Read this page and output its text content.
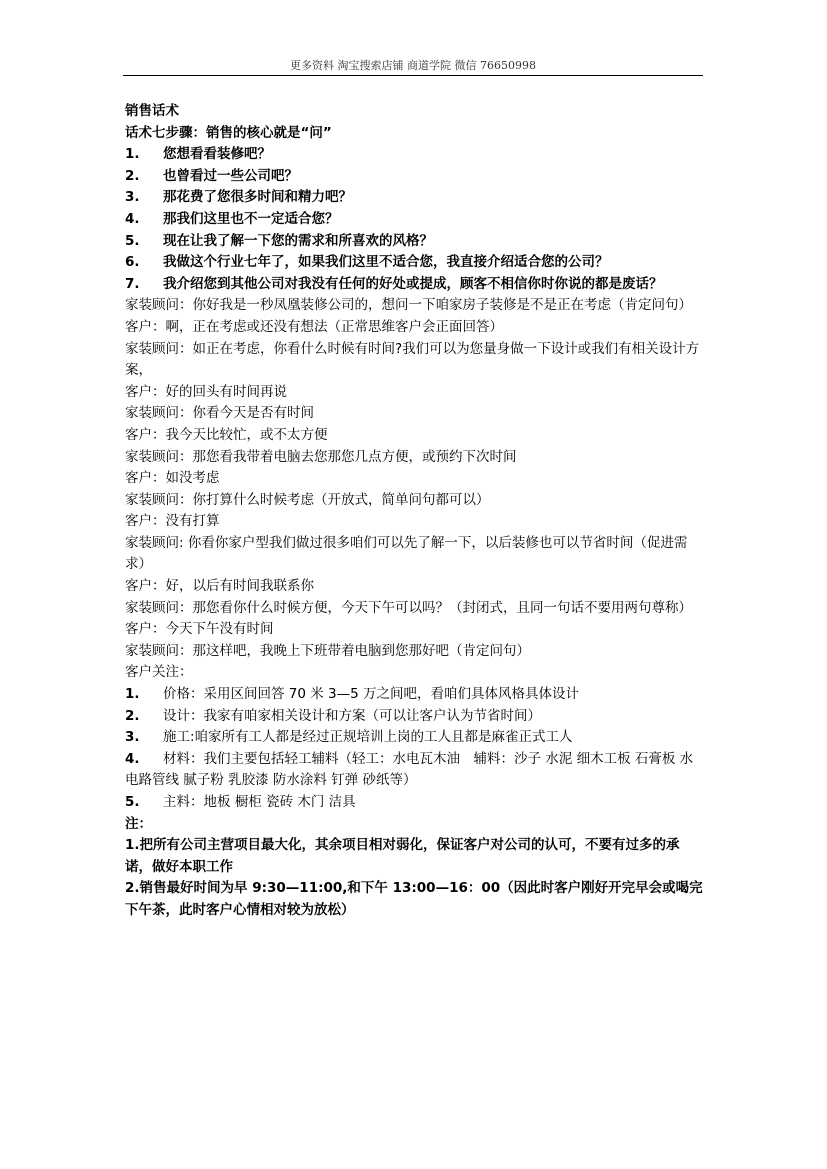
更多资料 淘宝搜索店铺 商道学院 微信 76650998

销售话术

话术七步骤：销售的核心就是“问”

1. 您想看看装修吧？

2. 也曾看过一些公司吧？

3. 那花费了您很多时间和精力吧？

4. 那我们这里也不一定适合您？

5. 现在让我了解一下您的需求和所喜欢的风格？

6. 我做这个行业七年了，如果我们这里不适合您，我直接介绍适合您的公司？

7. 我介绍您到其他公司对我没有任何的好处或提成，顾客不相信你时你说的都是废话？

家装顾问：你好我是一秒凤凰装修公司的，想问一下咱家房子装修是不是正在考虑（肯定问句）

客户：啊，正在考虑或还没有想法（正常思维客户会正面回答）

家装顾问：如正在考虑，你看什么时候有时间?我们可以为您量身做一下设计或我们有相关设计方案，

客户：好的回头有时间再说

家装顾问：你看今天是否有时间

客户：我今天比较忙，或不太方便

家装顾问：那您看我带着电脑去您那您几点方便，或预约下次时间

客户：如没考虑

家装顾问：你打算什么时候考虑（开放式，简单问句都可以）

客户：没有打算

家装顾问: 你看你家户型我们做过很多咱们可以先了解一下，以后装修也可以节省时间（促进需求）

客户：好，以后有时间我联系你

家装顾问：那您看你什么时候方便，今天下午可以吗？（封闭式，且同一句话不要用两句尊称）

客户：今天下午没有时间

家装顾问：那这样吧，我晚上下班带着电脑到您那好吧（肯定问句）

客户关注：

1. 价格：采用区间回答 70 米 3—5 万之间吧，看咱们具体风格具体设计

2. 设计：我家有咱家相关设计和方案（可以让客户认为节省时间）

3. 施工:咱家所有工人都是经过正规培训上岗的工人且都是麻雀正式工人

4. 材料：我们主要包括轻工辅料（轻工：水电瓦木油　辅料：沙子 水泥 细木工板 石膏板 水电路管线 腻子粉 乳胶漆 防水涂料 钉弹 砂纸等）

5. 主料：地板 橱柜 瓷砖 木门 洁具

注：

1.把所有公司主营项目最大化，其余项目相对弱化，保证客户对公司的认可，不要有过多的承诺，做好本职工作

2.销售最好时间为早 9:30—11:00,和下午 13:00—16：00（因此时客户刚好开完早会或喝完下午茶，此时客户心情相对较为放松）
